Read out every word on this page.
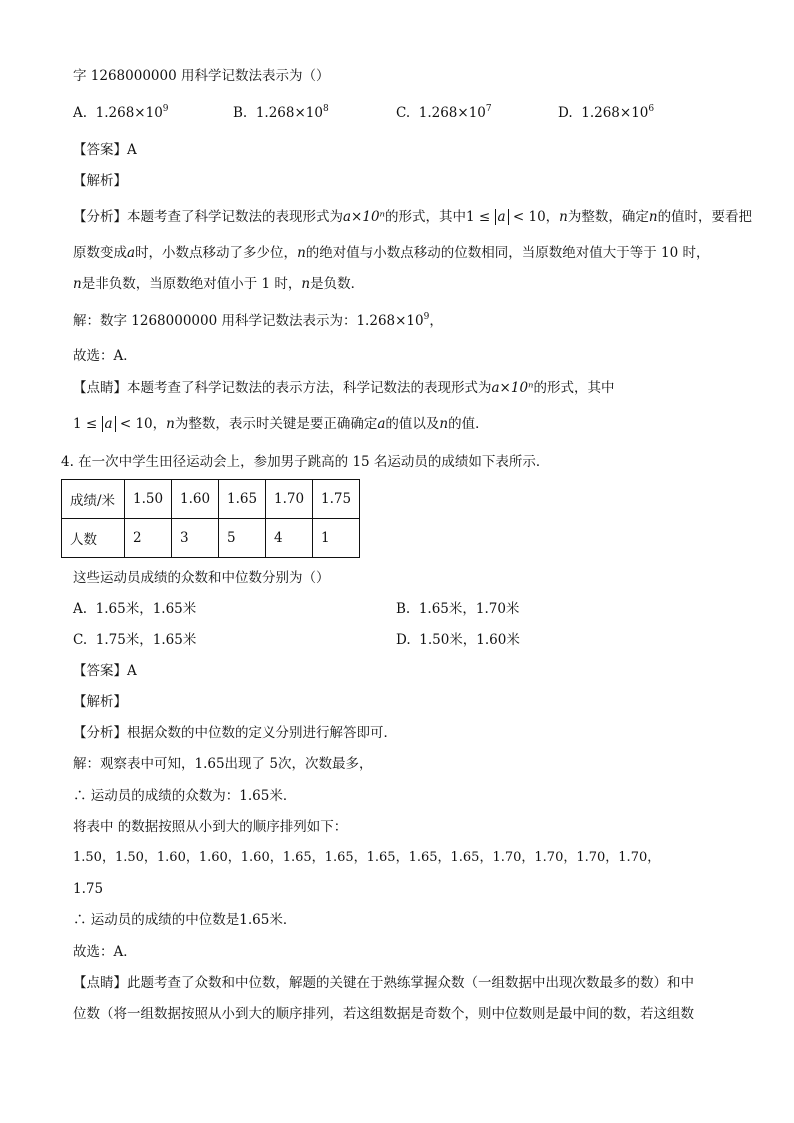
字 1268000000 用科学记数法表示为（）
A. $1.268\times 10^9$	B. $1.268\times 10^8$	C. $1.268\times 10^7$	D. $1.268\times 10^6$
【答案】A
【解析】
【分析】本题考查了科学记数法的表现形式为a×10ⁿ的形式，其中1 ≤ a < 10，n为整数，确定n的值时，要看把
原数变成a时，小数点移动了多少位，n的绝对值与小数点移动的位数相同，当原数绝对值大于等于 10 时，
n是非负数，当原数绝对值小于 1 时，n是负数．
解：数字 1268000000 用科学记数法表示为：$1.268\times 10^9$，
故选：A．
【点睛】本题考查了科学记数法的表示方法，科学记数法的表现形式为a×10ⁿ的形式，其中
1 ≤ a < 10，n为整数，表示时关键是要正确确定a的值以及n的值．
4. 在一次中学生田径运动会上，参加男子跳高的 15 名运动员的成绩如下表所示．
成绩/米	1.50	1.60	1.65	1.70	1.75
人数	2	3	5	4	1
这些运动员成绩的众数和中位数分别为（）
A. 1.65米，1.65米	B. 1.65米，1.70米
C. 1.75米，1.65米	D. 1.50米，1.60米
【答案】A
【解析】
【分析】根据众数的中位数的定义分别进行解答即可．
解：观察表中可知，1.65出现了 5次，次数最多，
∴ 运动员的成绩的众数为：1.65米．
将表中 的数据按照从小到大的顺序排列如下：
1.50，1.50，1.60，1.60，1.60，1.65，1.65，1.65，1.65，1.65，1.70，1.70，1.70，1.70，
1.75
∴ 运动员的成绩的中位数是1.65米．
故选：A．
【点睛】此题考查了众数和中位数，解题的关键在于熟练掌握众数（一组数据中出现次数最多的数）和中
位数（将一组数据按照从小到大的顺序排列，若这组数据是奇数个，则中位数则是最中间的数，若这组数
